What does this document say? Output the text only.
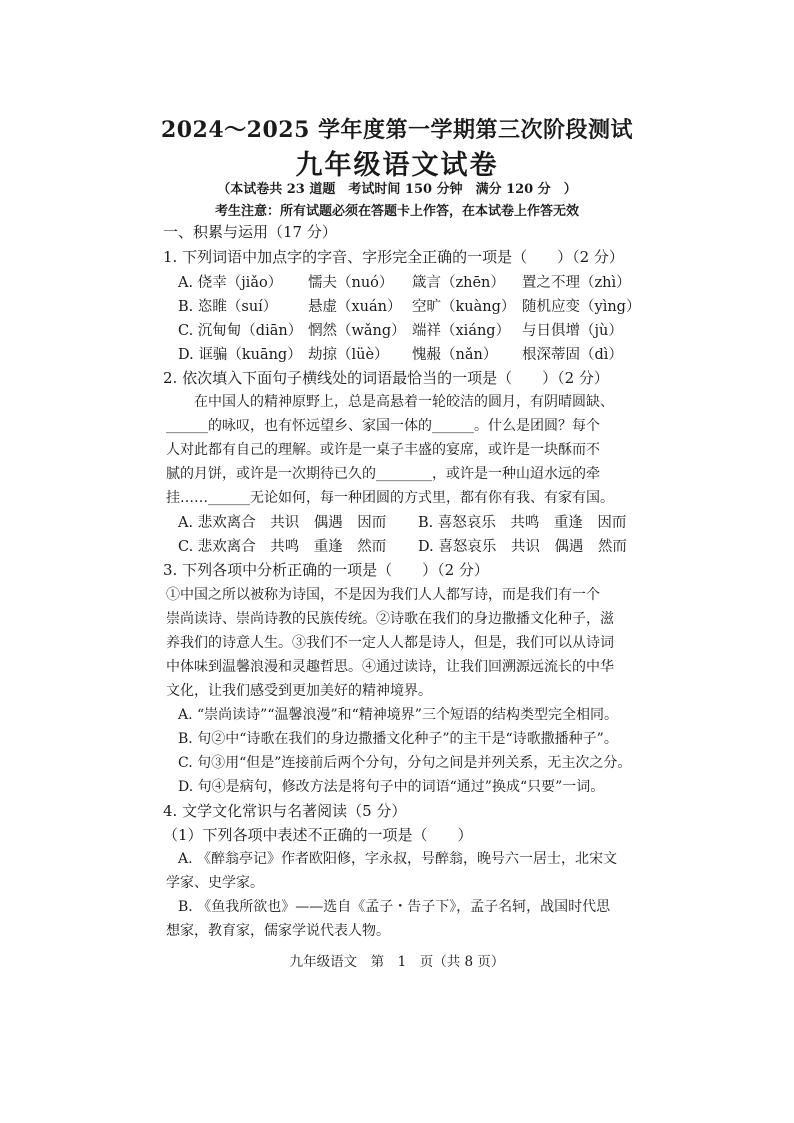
2024～2025 学年度第一学期第三次阶段测试
九年级语文试卷
（本试卷共 23 道题　考试时间 150 分钟　满分 120 分　）
考生注意：所有试题必须在答题卡上作答，在本试卷上作答无效
一、积累与运用（17 分）
1. 下列词语中加点字的字音、字形完全正确的一项是（　　）（2 分）
A. 侥幸（jiǎo） 懦夫（nuó） 箴言（zhēn） 置之不理（zhì）
B. 恣睢（suí） 悬虚（xuán） 空旷（kuàng） 随机应变（yìng）
C. 沉甸甸（diān） 惘然（wǎng） 端祥（xiáng） 与日俱增（jù）
D. 诓骗（kuāng） 劫掠（lüè） 愧赧（nǎn） 根深蒂固（dì）
2. 依次填入下面句子横线处的词语最恰当的一项是（　　）（2 分）
　　在中国人的精神原野上，总是高悬着一轮皎洁的圆月，有阴晴圆缺、
______的咏叹，也有怀远望乡、家国一体的______。什么是团圆？每个
人对此都有自己的理解。或许是一桌子丰盛的宴席，或许是一块酥而不
腻的月饼，或许是一次期待已久的________，或许是一种山迢水远的牵
挂……______无论如何，每一种团圆的方式里，都有你有我、有家有国。
A. 悲欢离合　共识　偶遇　因而 B. 喜怒哀乐　共鸣　重逢　因而
C. 悲欢离合　共鸣　重逢　然而 D. 喜怒哀乐　共识　偶遇　然而
3. 下列各项中分析正确的一项是（　　）（2 分）
①中国之所以被称为诗国，不是因为我们人人都写诗，而是我们有一个
崇尚读诗、崇尚诗教的民族传统。②诗歌在我们的身边撒播文化种子，滋
养我们的诗意人生。③我们不一定人人都是诗人，但是，我们可以从诗词
中体味到温馨浪漫和灵趣哲思。④通过读诗，让我们回溯源远流长的中华
文化，让我们感受到更加美好的精神境界。
A. “崇尚读诗”“温馨浪漫”和“精神境界”三个短语的结构类型完全相同。
B. 句②中“诗歌在我们的身边撒播文化种子”的主干是“诗歌撒播种子”。
C. 句③用“但是”连接前后两个分句，分句之间是并列关系，无主次之分。
D. 句④是病句，修改方法是将句子中的词语“通过”换成“只要”一词。
4. 文学文化常识与名著阅读（5 分）
（1）下列各项中表述不正确的一项是（　　）
A. 《醉翁亭记》作者欧阳修，字永叔，号醉翁，晚号六一居士，北宋文
学家、史学家。
B. 《鱼我所欲也》——选自《孟子・告子下》，孟子名轲，战国时代思
想家，教育家，儒家学说代表人物。
九年级语文　第　1　页（共 8 页）
